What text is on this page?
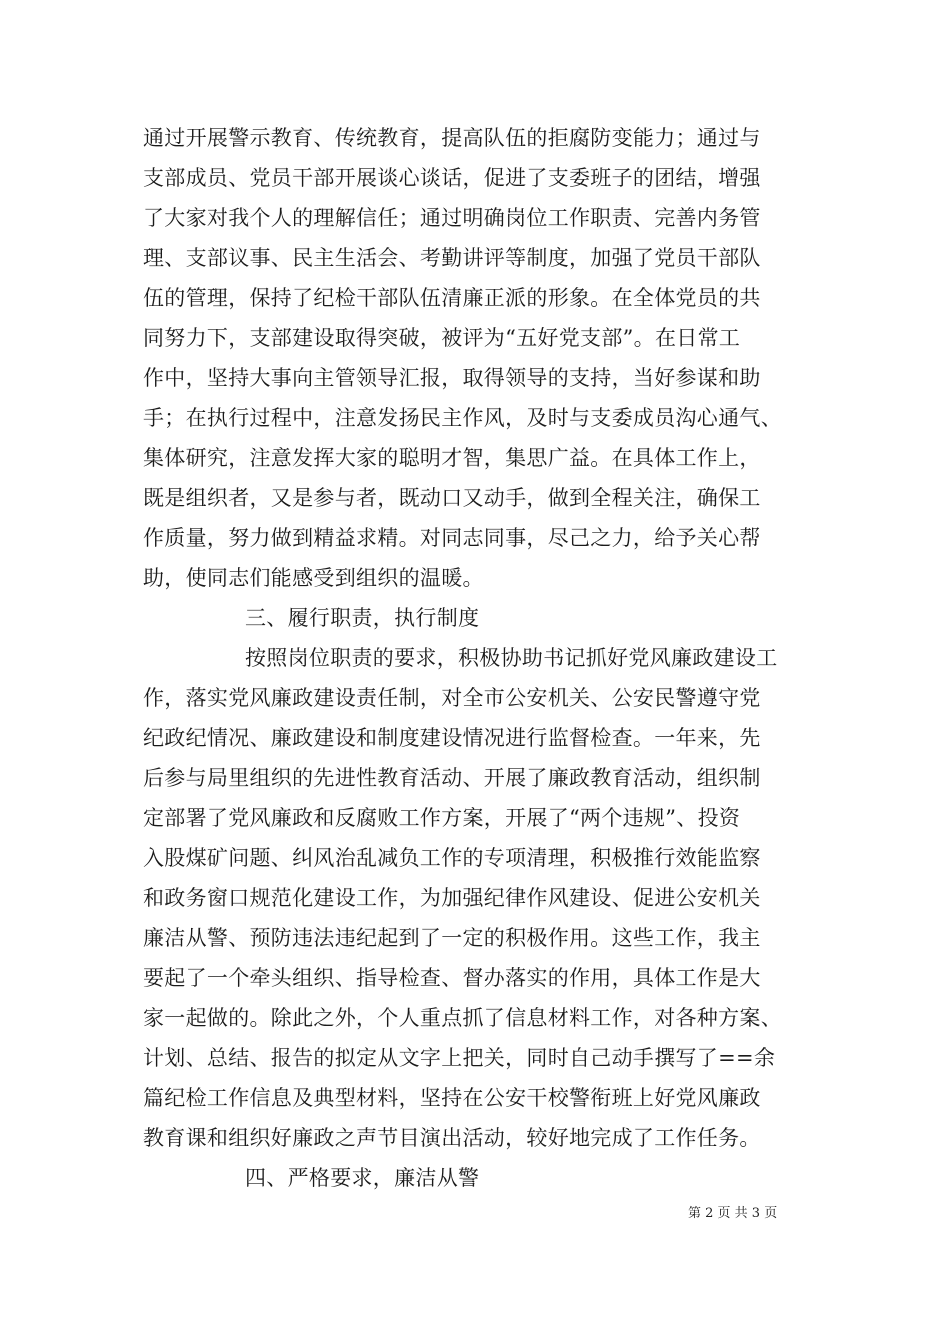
通过开展警示教育、传统教育，提高队伍的拒腐防变能力；通过与
支部成员、党员干部开展谈心谈话，促进了支委班子的团结，增强
了大家对我个人的理解信任；通过明确岗位工作职责、完善内务管
理、支部议事、民主生活会、考勤讲评等制度，加强了党员干部队
伍的管理，保持了纪检干部队伍清廉正派的形象。在全体党员的共
同努力下，支部建设取得突破，被评为“五好党支部”。在日常工
作中，坚持大事向主管领导汇报，取得领导的支持，当好参谋和助
手；在执行过程中，注意发扬民主作风，及时与支委成员沟心通气、
集体研究，注意发挥大家的聪明才智，集思广益。在具体工作上，
既是组织者，又是参与者，既动口又动手，做到全程关注，确保工
作质量，努力做到精益求精。对同志同事，尽己之力，给予关心帮
助，使同志们能感受到组织的温暖。
三、履行职责，执行制度
按照岗位职责的要求，积极协助书记抓好党风廉政建设工
作，落实党风廉政建设责任制，对全市公安机关、公安民警遵守党
纪政纪情况、廉政建设和制度建设情况进行监督检查。一年来，先
后参与局里组织的先进性教育活动、开展了廉政教育活动，组织制
定部署了党风廉政和反腐败工作方案，开展了“两个违规”、投资
入股煤矿问题、纠风治乱减负工作的专项清理，积极推行效能监察
和政务窗口规范化建设工作，为加强纪律作风建设、促进公安机关
廉洁从警、预防违法违纪起到了一定的积极作用。这些工作，我主
要起了一个牵头组织、指导检查、督办落实的作用，具体工作是大
家一起做的。除此之外，个人重点抓了信息材料工作，对各种方案、
计划、总结、报告的拟定从文字上把关，同时自己动手撰写了==余
篇纪检工作信息及典型材料，坚持在公安干校警衔班上好党风廉政
教育课和组织好廉政之声节目演出活动，较好地完成了工作任务。
四、严格要求，廉洁从警
第 2 页 共 3 页
